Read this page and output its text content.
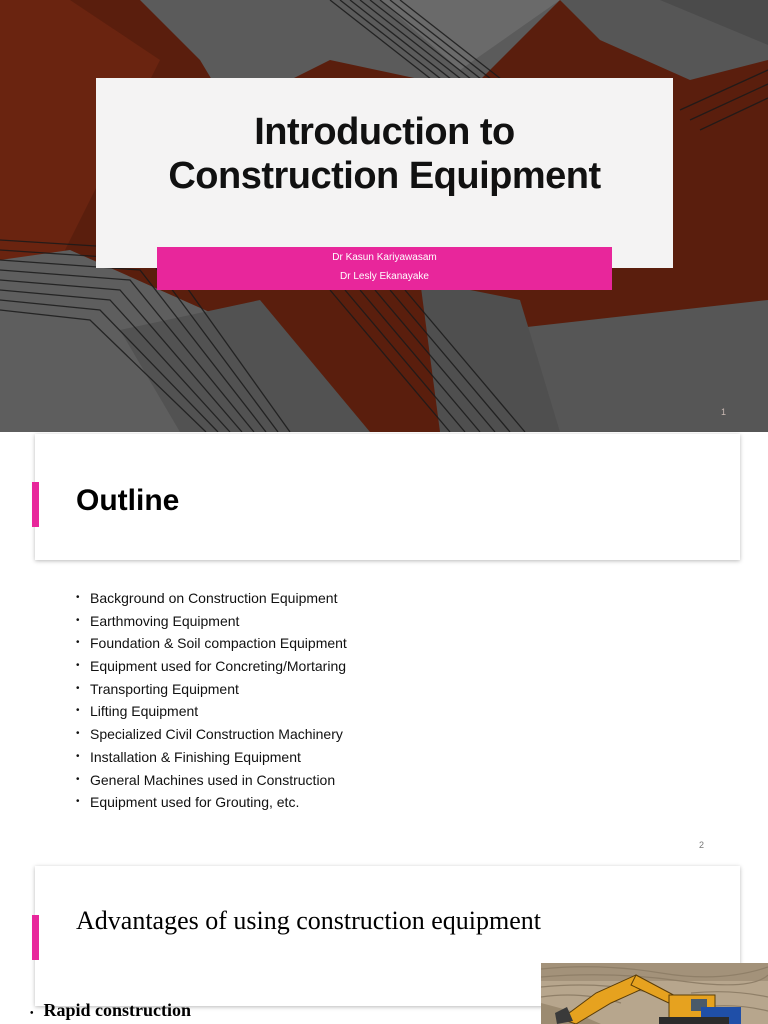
Introduction to
Construction Equipment
Dr Kasun Kariyawasam
Dr Lesly Ekanayake
1
Outline
• Background on Construction Equipment
• Earthmoving Equipment
• Foundation & Soil compaction Equipment
• Equipment used for Concreting/Mortaring
• Transporting Equipment
• Lifting Equipment
• Specialized Civil Construction Machinery
• Installation & Finishing Equipment
• General Machines used in Construction
• Equipment used for Grouting, etc.
2
Advantages of using construction equipment
• Rapid construction
